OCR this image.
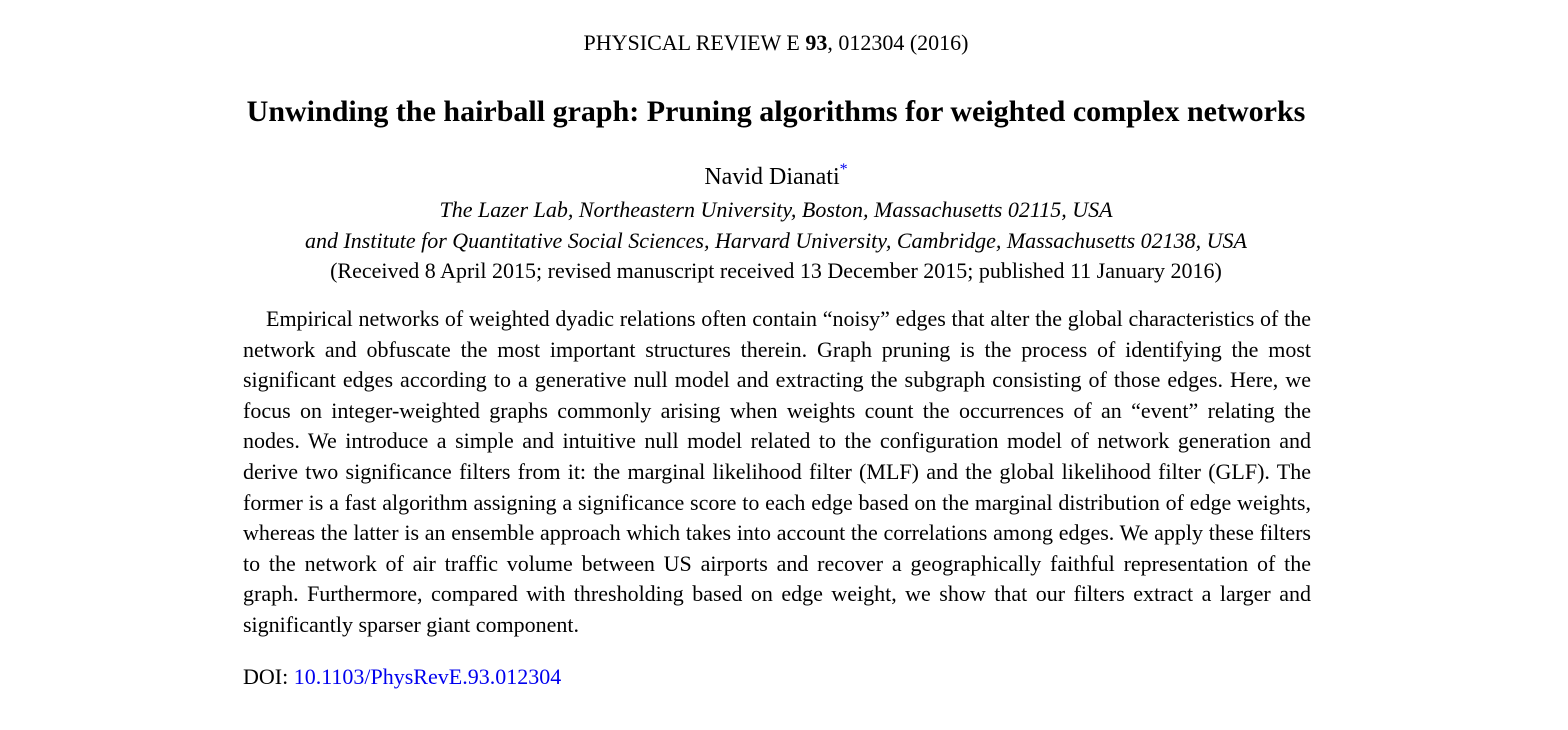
PHYSICAL REVIEW E 93, 012304 (2016)
Unwinding the hairball graph: Pruning algorithms for weighted complex networks
Navid Dianati*
The Lazer Lab, Northeastern University, Boston, Massachusetts 02115, USA
and Institute for Quantitative Social Sciences, Harvard University, Cambridge, Massachusetts 02138, USA
(Received 8 April 2015; revised manuscript received 13 December 2015; published 11 January 2016)

Empirical networks of weighted dyadic relations often contain “noisy” edges that alter the global characteristics of the network and obfuscate the most important structures therein. Graph pruning is the process of identifying the most significant edges according to a generative null model and extracting the subgraph consisting of those edges. Here, we focus on integer-weighted graphs commonly arising when weights count the occurrences of an “event” relating the nodes. We introduce a simple and intuitive null model related to the configuration model of network generation and derive two significance filters from it: the marginal likelihood filter (MLF) and the global likelihood filter (GLF). The former is a fast algorithm assigning a significance score to each edge based on the marginal distribution of edge weights, whereas the latter is an ensemble approach which takes into account the correlations among edges. We apply these filters to the network of air traffic volume between US airports and recover a geographically faithful representation of the graph. Furthermore, compared with thresholding based on edge weight, we show that our filters extract a larger and significantly sparser giant component.

DOI: 10.1103/PhysRevE.93.012304
